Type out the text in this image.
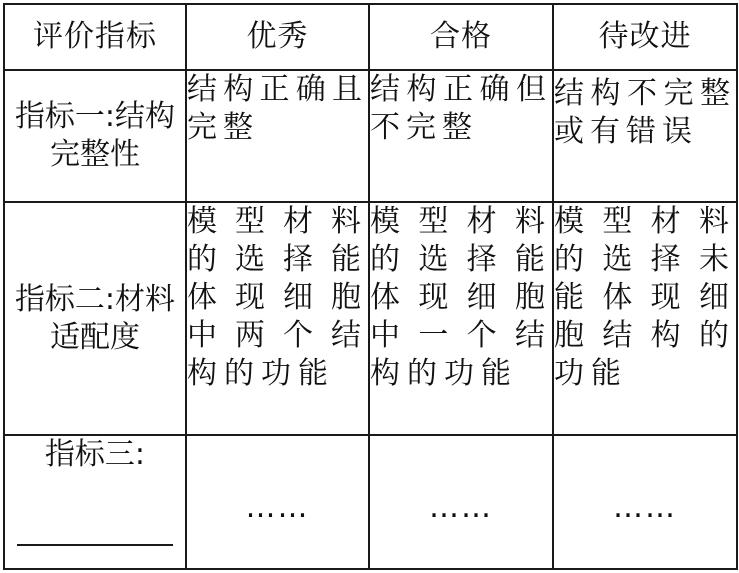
评价指标	优秀	合格	待改进
指标一:结构完整性	结构正确且完整	结构正确但不完整	结构不完整或有错误

指标二:材料适配度	模型材料的选择能体现细胞中两个结构的功能	模型材料的选择能体现细胞中一个结构的功能	模型材料的选择未能体现细胞结构的功能

指标三:	……	……	……
